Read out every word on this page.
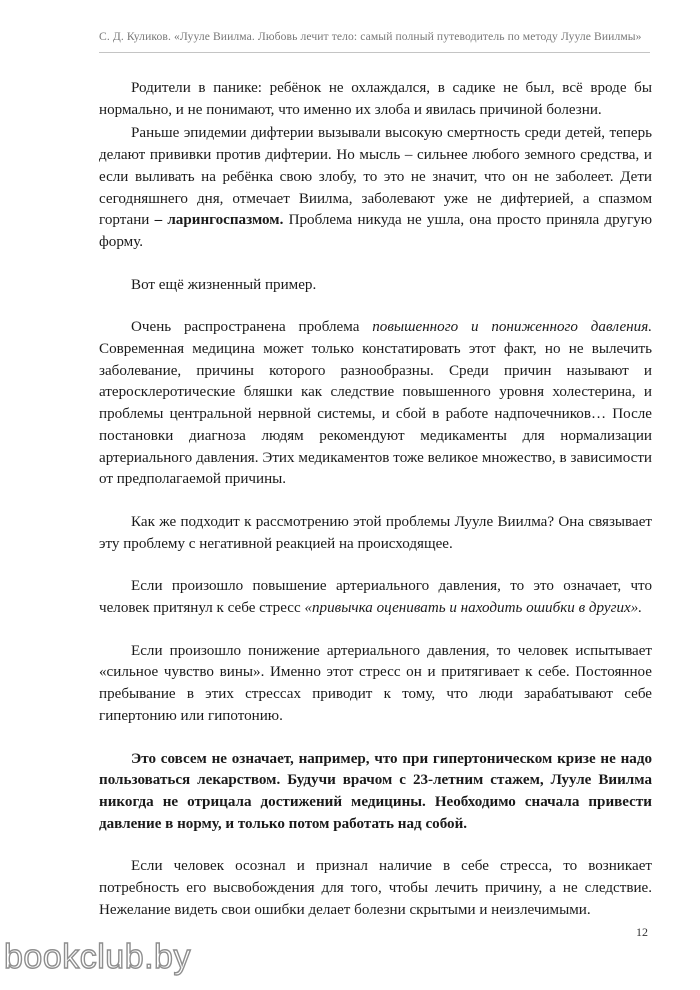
С. Д. Куликов. «Лууле Виилма. Любовь лечит тело: самый полный путеводитель по методу Лууле Виилмы»

Родители в панике: ребёнок не охлаждался, в садике не был, всё вроде бы нормально, и не понимают, что именно их злоба и явилась причиной болезни.

Раньше эпидемии дифтерии вызывали высокую смертность среди детей, теперь делают прививки против дифтерии. Но мысль – сильнее любого земного средства, и если выливать на ребёнка свою злобу, то это не значит, что он не заболеет. Дети сегодняшнего дня, отмечает Виилма, заболевают уже не дифтерией, а спазмом гортани – ларингоспазмом. Проблема никуда не ушла, она просто приняла другую форму.

Вот ещё жизненный пример.

Очень распространена проблема повышенного и пониженного давления. Современная медицина может только констатировать этот факт, но не вылечить заболевание, причины которого разнообразны. Среди причин называют и атеросклеротические бляшки как следствие повышенного уровня холестерина, и проблемы центральной нервной системы, и сбой в работе надпочечников… После постановки диагноза людям рекомендуют медикаменты для нормализации артериального давления. Этих медикаментов тоже великое множество, в зависимости от предполагаемой причины.

Как же подходит к рассмотрению этой проблемы Лууле Виилма? Она связывает эту проблему с негативной реакцией на происходящее.

Если произошло повышение артериального давления, то это означает, что человек притянул к себе стресс «привычка оценивать и находить ошибки в других».

Если произошло понижение артериального давления, то человек испытывает «сильное чувство вины». Именно этот стресс он и притягивает к себе. Постоянное пребывание в этих стрессах приводит к тому, что люди зарабатывают себе гипертонию или гипотонию.

Это совсем не означает, например, что при гипертоническом кризе не надо пользоваться лекарством. Будучи врачом с 23-летним стажем, Лууле Виилма никогда не отрицала достижений медицины. Необходимо сначала привести давление в норму, и только потом работать над собой.

Если человек осознал и признал наличие в себе стресса, то возникает потребность его высвобождения для того, чтобы лечить причину, а не следствие. Нежелание видеть свои ошибки делает болезни скрытыми и неизлечимыми.

12
bookclub.by
